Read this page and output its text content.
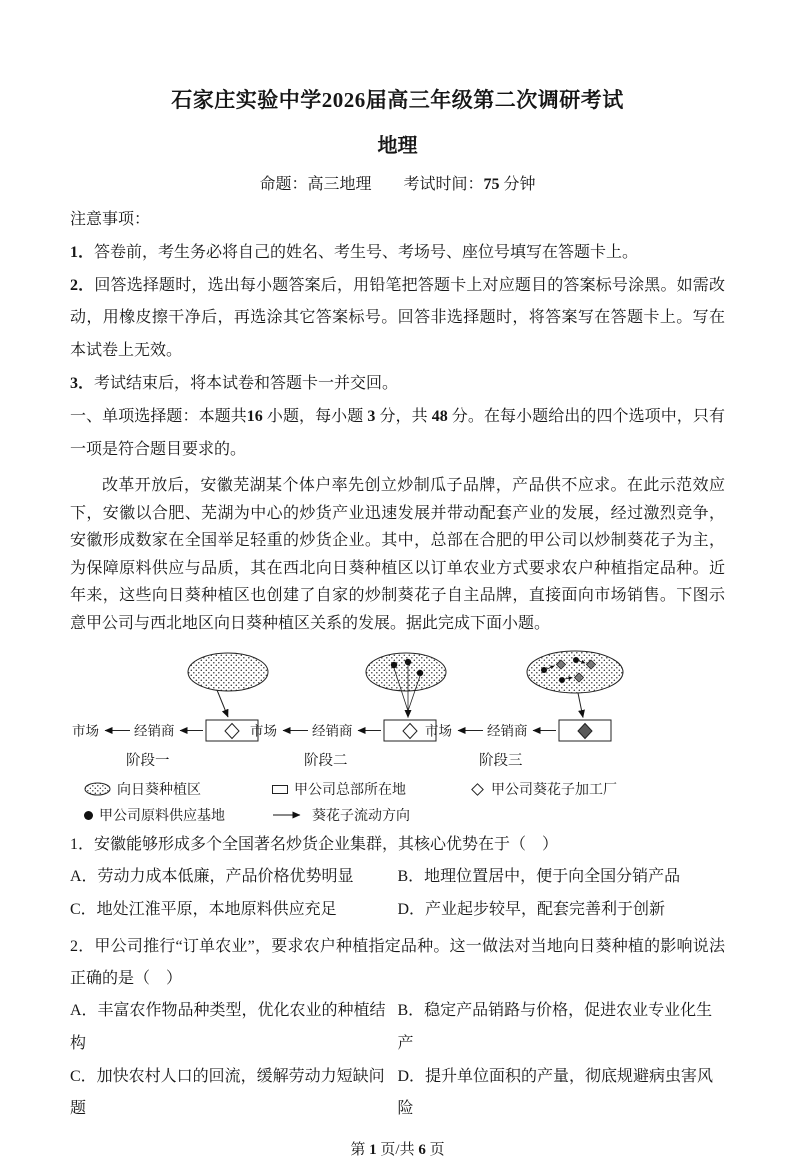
石家庄实验中学2026届高三年级第二次调研考试
地理

命题：高三地理　　考试时间：75 分钟

注意事项：

1．答卷前，考生务必将自己的姓名、考生号、考场号、座位号填写在答题卡上。

2．回答选择题时，选出每小题答案后，用铅笔把答题卡上对应题目的答案标号涂黑。如需改动，用橡皮擦干净后，再选涂其它答案标号。回答非选择题时，将答案写在答题卡上。写在本试卷上无效。

3．考试结束后，将本试卷和答题卡一并交回。

一、单项选择题：本题共16 小题，每小题 3 分，共 48 分。在每小题给出的四个选项中，只有一项是符合题目要求的。

改革开放后，安徽芜湖某个体户率先创立炒制瓜子品牌，产品供不应求。在此示范效应下，安徽以合肥、芜湖为中心的炒货产业迅速发展并带动配套产业的发展，经过激烈竞争，安徽形成数家在全国举足轻重的炒货企业。其中，总部在合肥的甲公司以炒制葵花子为主，为保障原料供应与品质，其在西北向日葵种植区以订单农业方式要求农户种植指定品种。近年来，这些向日葵种植区也创建了自家的炒制葵花子自主品牌，直接面向市场销售。下图示意甲公司与西北地区向日葵种植区关系的发展。据此完成下面小题。

市场	经销商
阶段一
市场	经销商
阶段二
市场	经销商
阶段三
向日葵种植区	甲公司总部所在地	甲公司葵花子加工厂
甲公司原料供应基地	葵花子流动方向

1．安徽能够形成多个全国著名炒货企业集群，其核心优势在于（　）

A．劳动力成本低廉，产品价格优势明显	B．地理位置居中，便于向全国分销产品
C．地处江淮平原，本地原料供应充足	D．产业起步较早，配套完善利于创新

2．甲公司推行“订单农业”，要求农户种植指定品种。这一做法对当地向日葵种植的影响说法正确的是（　）

A．丰富农作物品种类型，优化农业的种植结构
B．稳定产品销路与价格，促进农业专业化生产
C．加快农村人口的回流，缓解劳动力短缺问题
D．提升单位面积的产量，彻底规避病虫害风险

第 1 页/共 6 页
